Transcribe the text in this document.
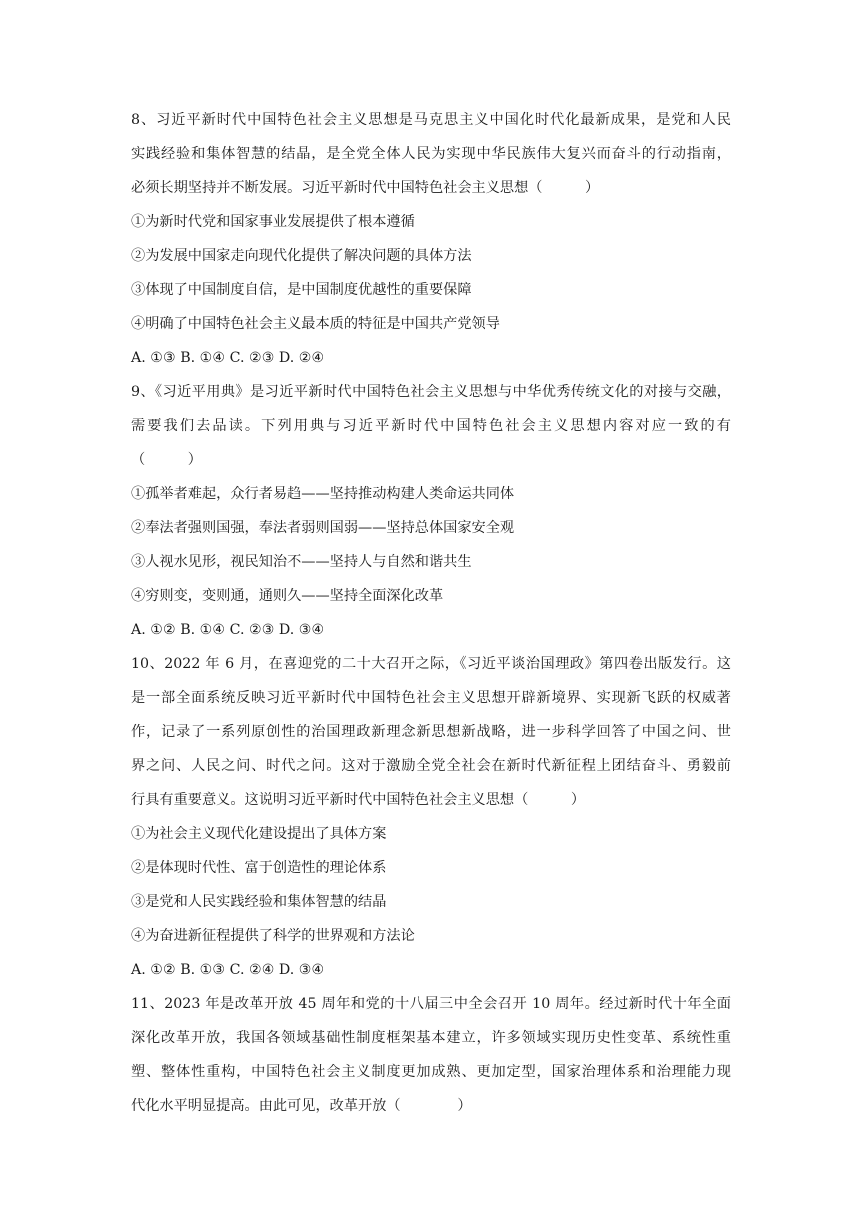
8、习近平新时代中国特色社会主义思想是马克思主义中国化时代化最新成果，是党和人民
实践经验和集体智慧的结晶，是全党全体人民为实现中华民族伟大复兴而奋斗的行动指南，
必须长期坚持并不断发展。习近平新时代中国特色社会主义思想（　　　）
①为新时代党和国家事业发展提供了根本遵循
②为发展中国家走向现代化提供了解决问题的具体方法
③体现了中国制度自信，是中国制度优越性的重要保障
④明确了中国特色社会主义最本质的特征是中国共产党领导
A. ①③ B. ①④ C. ②③ D. ②④
9、《习近平用典》是习近平新时代中国特色社会主义思想与中华优秀传统文化的对接与交融，
需要我们去品读。下列用典与习近平新时代中国特色社会主义思想内容对应一致的有
（　　　）
①孤举者难起，众行者易趋——坚持推动构建人类命运共同体
②奉法者强则国强，奉法者弱则国弱——坚持总体国家安全观
③人视水见形，视民知治不——坚持人与自然和谐共生
④穷则变，变则通，通则久——坚持全面深化改革
A. ①② B. ①④ C. ②③ D. ③④
10、2022 年 6 月，在喜迎党的二十大召开之际，《习近平谈治国理政》第四卷出版发行。这
是一部全面系统反映习近平新时代中国特色社会主义思想开辟新境界、实现新飞跃的权威著
作，记录了一系列原创性的治国理政新理念新思想新战略，进一步科学回答了中国之问、世
界之问、人民之问、时代之问。这对于激励全党全社会在新时代新征程上团结奋斗、勇毅前
行具有重要意义。这说明习近平新时代中国特色社会主义思想（　　　）
①为社会主义现代化建设提出了具体方案
②是体现时代性、富于创造性的理论体系
③是党和人民实践经验和集体智慧的结晶
④为奋进新征程提供了科学的世界观和方法论
A. ①② B. ①③ C. ②④ D. ③④
11、2023 年是改革开放 45 周年和党的十八届三中全会召开 10 周年。经过新时代十年全面
深化改革开放，我国各领域基础性制度框架基本建立，许多领域实现历史性变革、系统性重
塑、整体性重构，中国特色社会主义制度更加成熟、更加定型，国家治理体系和治理能力现
代化水平明显提高。由此可见，改革开放（　　　　）
